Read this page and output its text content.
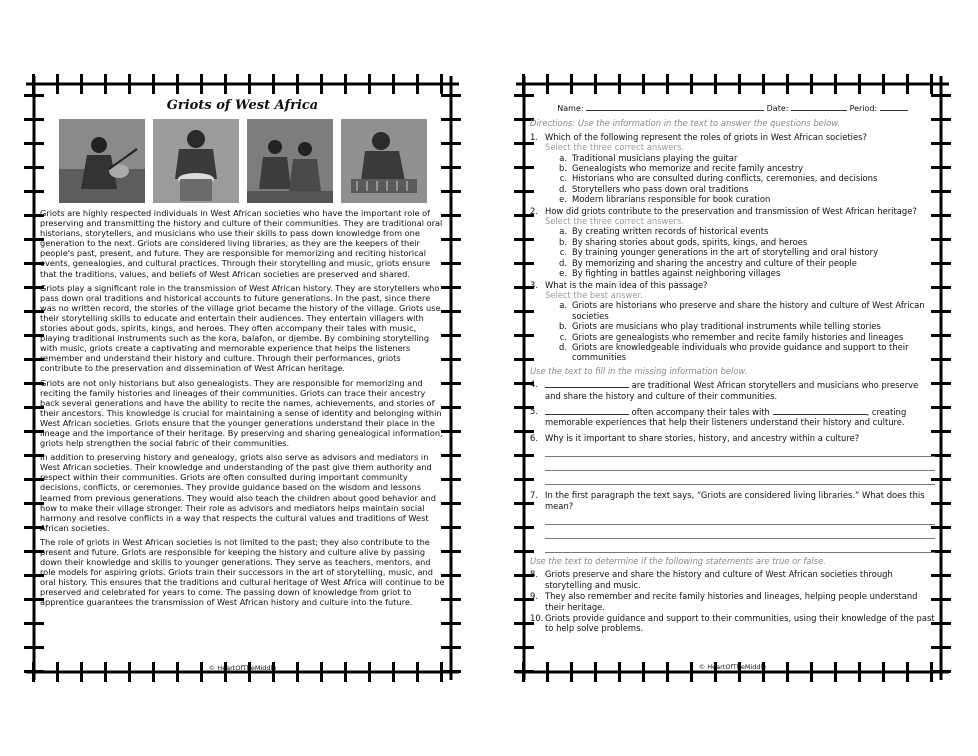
Griots of West Africa

Griots are highly respected individuals in West African societies who have the important role of preserving and transmitting the history and culture of their communities. They are traditional oral historians, storytellers, and musicians who use their skills to pass down knowledge from one generation to the next. Griots are considered living libraries, as they are the keepers of their people's past, present, and future. They are responsible for memorizing and reciting historical events, genealogies, and cultural practices. Through their storytelling and music, griots ensure that the traditions, values, and beliefs of West African societies are preserved and shared.

Griots play a significant role in the transmission of West African history. They are storytellers who pass down oral traditions and historical accounts to future generations. In the past, since there was no written record, the stories of the village griot became the history of the village. Griots use their storytelling skills to educate and entertain their audiences. They entertain villagers with stories about gods, spirits, kings, and heroes. They often accompany their tales with music, playing traditional instruments such as the kora, balafon, or djembe. By combining storytelling with music, griots create a captivating and memorable experience that helps the listeners remember and understand their history and culture. Through their performances, griots contribute to the preservation and dissemination of West African heritage.

Griots are not only historians but also genealogists. They are responsible for memorizing and reciting the family histories and lineages of their communities. Griots can trace their ancestry back several generations and have the ability to recite the names, achievements, and stories of their ancestors. This knowledge is crucial for maintaining a sense of identity and belonging within West African societies. Griots ensure that the younger generations understand their place in the lineage and the importance of their heritage. By preserving and sharing genealogical information, griots help strengthen the social fabric of their communities.

In addition to preserving history and genealogy, griots also serve as advisors and mediators in West African societies. Their knowledge and understanding of the past give them authority and respect within their communities. Griots are often consulted during important community decisions, conflicts, or ceremonies. They provide guidance based on the wisdom and lessons learned from previous generations. They would also teach the children about good behavior and how to make their village stronger. Their role as advisors and mediators helps maintain social harmony and resolve conflicts in a way that respects the cultural values and traditions of West African societies.

The role of griots in West African societies is not limited to the past; they also contribute to the present and future. Griots are responsible for keeping the history and culture alive by passing down their knowledge and skills to younger generations. They serve as teachers, mentors, and role models for aspiring griots. Griots train their successors in the art of storytelling, music, and oral history. This ensures that the traditions and cultural heritage of West Africa will continue to be preserved and celebrated for years to come. The passing down of knowledge from griot to apprentice guarantees the transmission of West African history and culture into the future.

© HeartOfTheMiddle
Name:	Date:	Period:
Directions: Use the information in the text to answer the questions below.
1. Which of the following represent the roles of griots in West African societies?
Select the three correct answers.
a. Traditional musicians playing the guitar
b. Genealogists who memorize and recite family ancestry
c. Historians who are consulted during conflicts, ceremonies, and decisions
d. Storytellers who pass down oral traditions
e. Modern librarians responsible for book curation
2. How did griots contribute to the preservation and transmission of West African heritage?
Select the three correct answers.
a. By creating written records of historical events
b. By sharing stories about gods, spirits, kings, and heroes
c. By training younger generations in the art of storytelling and oral history
d. By memorizing and sharing the ancestry and culture of their people
e. By fighting in battles against neighboring villages
3. What is the main idea of this passage?
Select the best answer.
a. Griots are historians who preserve and share the history and culture of West African societies
b. Griots are musicians who play traditional instruments while telling stories
c. Griots are genealogists who remember and recite family histories and lineages
d. Griots are knowledgeable individuals who provide guidance and support to their communities
Use the text to fill in the missing information below.
4.	are traditional West African storytellers and musicians who preserve and share the history and culture of their communities.
5.	often accompany their tales with	, creating memorable experiences that help their listeners understand their history and culture.
6. Why is it important to share stories, history, and ancestry within a culture?
7. In the first paragraph the text says, “Griots are considered living libraries.” What does this mean?
Use the text to determine if the following statements are true or false.
8. Griots preserve and share the history and culture of West African societies through storytelling and music.
9. They also remember and recite family histories and lineages, helping people understand their heritage.
10. Griots provide guidance and support to their communities, using their knowledge of the past to help solve problems.
© HeartOfTheMiddle
